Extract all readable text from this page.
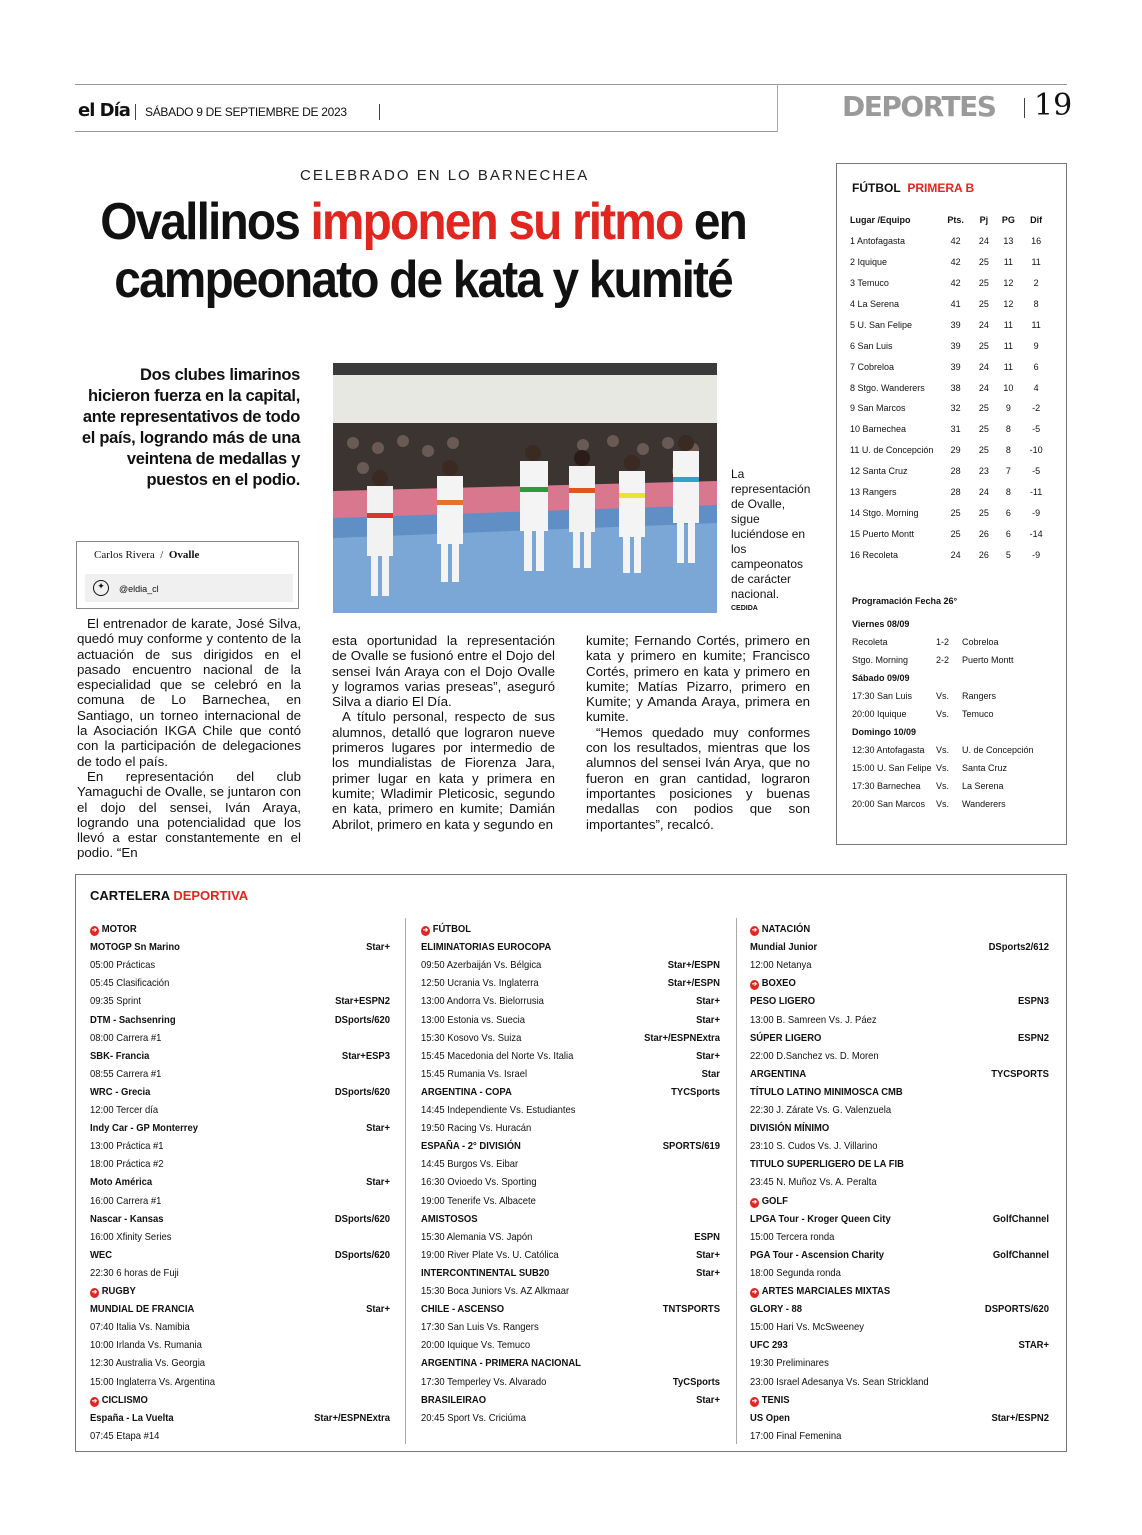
el Día SÁBADO 9 DE SEPTIEMBRE DE 2023	DEPORTES 19
CELEBRADO EN LO BARNECHEA
Ovallinos imponen su ritmo en campeonato de kata y kumité
Dos clubes limarinos hicieron fuerza en la capital, ante representativos de todo el país, logrando más de una veintena de medallas y puestos en el podio.
Carlos Rivera  /  Ovalle
✦	@eldia_cl
La representación de Ovalle, sigue luciéndose en los campeonatos de carácter nacional.
CEDIDA

El entrenador de karate, José Silva, quedó muy conforme y contento de la actuación de sus dirigidos en el pasado encuentro nacional de la especialidad que se celebró en la comuna de Lo Barnechea, en Santiago, un torneo internacional de la Asociación IKGA Chile que contó con la participación de delegaciones de todo el país.

En representación del club Yamaguchi de Ovalle, se juntaron con el dojo del sensei, Iván Araya, logrando una potencialidad que los llevó a estar constantemente en el podio. “En

esta oportunidad la representación de Ovalle se fusionó entre el Dojo del sensei Iván Araya con el Dojo Ovalle y logramos varias preseas”, aseguró Silva a diario El Día.

A título personal, respecto de sus alumnos, detalló que lograron nueve primeros lugares por intermedio de los mundialistas de Fiorenza Jara, primer lugar en kata y primera en kumite; Wladimir Pleticosic, segundo en kata, primero en kumite; Damián Abrilot, primero en kata y segundo en

kumite; Fernando Cortés, primero en kata y primero en kumite; Francisco Cortés, primero en kata y primero en kumite; Matías Pizarro, primero en Kumite; y Amanda Araya, primera en kumite.

“Hemos quedado muy conformes con los resultados, mientras que los alumnos del sensei Iván Arya, que no fueron en gran cantidad, lograron importantes posiciones y buenas medallas con podios que son importantes”, recalcó.

FÚTBOL PRIMERA B
Lugar /Equipo	Pts.	Pj	PG	Dif
1 Antofagasta	42	24	13	16
2 Iquique	42	25	11	11
3 Temuco	42	25	12	2
4 La Serena	41	25	12	8
5 U. San Felipe	39	24	11	11
6 San Luis	39	25	11	9
7 Cobreloa	39	24	11	6
8 Stgo. Wanderers	38	24	10	4
9 San Marcos	32	25	9	-2
10 Barnechea	31	25	8	-5
11 U. de Concepción	29	25	8	-10
12 Santa Cruz	28	23	7	-5
13 Rangers	28	24	8	-11
14 Stgo. Morning	25	25	6	-9
15 Puerto Montt	25	26	6	-14
16 Recoleta	24	26	5	-9
Programación Fecha 26°
Viernes 08/09
Recoleta	1-2 Cobreloa
Stgo. Morning	2-2 Puerto Montt
Sábado 09/09
17:30 San Luis	Vs. Rangers
20:00 Iquique	Vs. Temuco
Domingo 10/09
12:30 Antofagasta Vs. U. de Concepción
15:00 U. San Felipe Vs. Santa Cruz
17:30 Barnechea Vs. La Serena
20:00 San Marcos Vs. Wanderers
CARTELERA DEPORTIVA
➔ MOTOR
MOTOGP Sn Marino	Star+
05:00 Prácticas
05:45 Clasificación
09:35 Sprint	Star+ESPN2
DTM - Sachsenring	DSports/620
08:00 Carrera #1
SBK- Francia	Star+ESP3
08:55 Carrera #1
WRC - Grecia	DSports/620
12:00 Tercer día
Indy Car - GP Monterrey	Star+
13:00 Práctica #1
18:00 Práctica #2
Moto América	Star+
16:00 Carrera #1
Nascar - Kansas	DSports/620
16:00 Xfinity Series
WEC	DSports/620
22:30 6 horas de Fuji
➔ RUGBY
MUNDIAL DE FRANCIA	Star+
07:40 Italia Vs. Namibia
10:00 Irlanda Vs. Rumania
12:30 Australia Vs. Georgia
15:00 Inglaterra Vs. Argentina
➔ CICLISMO
España - La Vuelta	Star+/ESPNExtra
07:45 Etapa #14
➔ FÚTBOL
ELIMINATORIAS EUROCOPA
09:50 Azerbaiján Vs. Bélgica	Star+/ESPN
12:50 Ucrania Vs. Inglaterra	Star+/ESPN
13:00 Andorra Vs. Bielorrusia	Star+
13:00 Estonia vs. Suecia	Star+
15:30 Kosovo Vs. Suiza	Star+/ESPNExtra
15:45 Macedonia del Norte Vs. Italia	Star+
15:45 Rumania Vs. Israel	Star
ARGENTINA - COPA	TYCSports
14:45 Independiente Vs. Estudiantes
19:50 Racing Vs. Huracán
ESPAÑA - 2° DIVISIÓN	SPORTS/619
14:45 Burgos Vs. Eibar
16:30 Ovioedo Vs. Sporting
19:00 Tenerife Vs. Albacete
AMISTOSOS
15:30 Alemania VS. Japón	ESPN
19:00 River Plate Vs. U. Católica	Star+
INTERCONTINENTAL SUB20	Star+
15:30 Boca Juniors Vs. AZ Alkmaar
CHILE - ASCENSO	TNTSPORTS
17:30 San Luis Vs. Rangers
20:00 Iquique Vs. Temuco
ARGENTINA - PRIMERA NACIONAL
17:30 Temperley Vs. Alvarado	TyCSports
BRASILEIRAO	Star+
20:45 Sport Vs. Criciúma
➔ NATACIÓN
Mundial Junior	DSports2/612
12:00 Netanya
➔ BOXEO
PESO LIGERO	ESPN3
13:00 B. Samreen Vs. J. Páez
SÚPER LIGERO	ESPN2
22:00 D.Sanchez vs. D. Moren
ARGENTINA	TYCSPORTS
TÍTULO LATINO MINIMOSCA CMB
22:30 J. Zárate Vs. G. Valenzuela
DIVISIÓN MÍNIMO
23:10 S. Cudos Vs. J. Villarino
TITULO SUPERLIGERO DE LA FIB
23:45 N. Muñoz Vs. A. Peralta
➔ GOLF
LPGA Tour - Kroger Queen City	GolfChannel
15:00 Tercera ronda
PGA Tour - Ascension Charity	GolfChannel
18:00 Segunda ronda
➔ ARTES MARCIALES MIXTAS
GLORY - 88	DSPORTS/620
15:00 Hari Vs. McSweeney
UFC 293	STAR+
19:30 Preliminares
23:00 Israel Adesanya Vs. Sean Strickland
➔ TENIS
US Open	Star+/ESPN2
17:00 Final Femenina
